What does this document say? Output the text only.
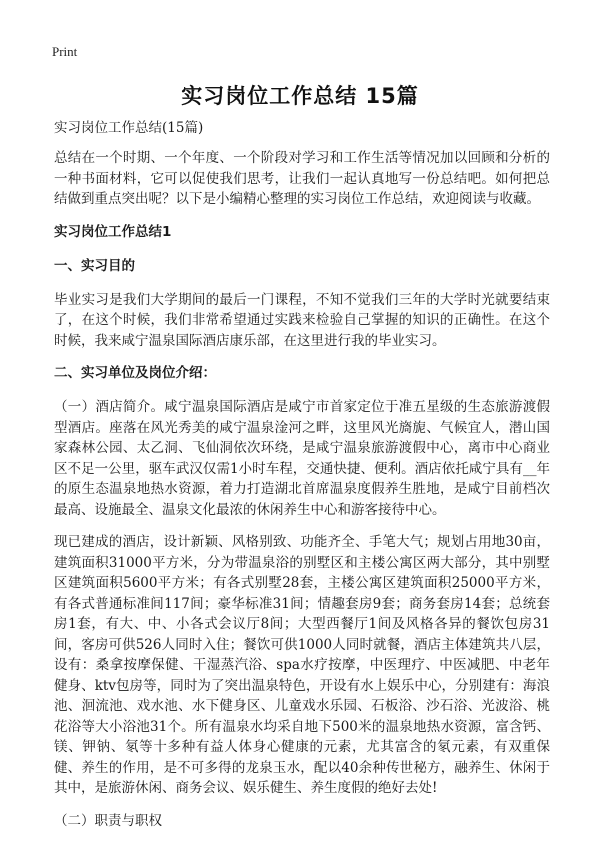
Print
实习岗位工作总结 15篇
实习岗位工作总结(15篇)

总结在一个时期、一个年度、一个阶段对学习和工作生活等情况加以回顾和分析的一种书面材料，它可以促使我们思考，让我们一起认真地写一份总结吧。如何把总结做到重点突出呢？以下是小编精心整理的实习岗位工作总结，欢迎阅读与收藏。

实习岗位工作总结1
一、实习目的

毕业实习是我们大学期间的最后一门课程，不知不觉我们三年的大学时光就要结束了，在这个时候，我们非常希望通过实践来检验自己掌握的知识的正确性。在这个时候，我来咸宁温泉国际酒店康乐部，在这里进行我的毕业实习。

二、实习单位及岗位介绍：

（一）酒店简介。咸宁温泉国际酒店是咸宁市首家定位于准五星级的生态旅游渡假型酒店。座落在风光秀美的咸宁温泉淦河之畔，这里风光旖旎、气候宜人，潜山国家森林公园、太乙洞、飞仙洞依次环绕，是咸宁温泉旅游渡假中心，离市中心商业区不足一公里，驱车武汉仅需1小时车程，交通快捷、便利。酒店依托咸宁具有__年的原生态温泉地热水资源，着力打造湖北首席温泉度假养生胜地，是咸宁目前档次最高、设施最全、温泉文化最浓的休闲养生中心和游客接待中心。

现已建成的酒店，设计新颖、风格别致、功能齐全、手笔大气；规划占用地30亩，建筑面积31000平方米，分为带温泉浴的别墅区和主楼公寓区两大部分，其中别墅区建筑面积5600平方米；有各式别墅28套，主楼公寓区建筑面积25000平方米，有各式普通标准间117间；豪华标准31间；情趣套房9套；商务套房14套；总统套房1套，有大、中、小各式会议厅8间；大型西餐厅1间及风格各异的餐饮包房31间，客房可供526人同时入住；餐饮可供1000人同时就餐，酒店主体建筑共八层，设有：桑拿按摩保健、干湿蒸汽浴、spa水疗按摩，中医理疗、中医减肥、中老年健身、ktv包房等，同时为了突出温泉特色，开设有水上娱乐中心，分别建有：海浪池、洄流池、戏水池、水下健身区、儿童戏水乐园、石板浴、沙石浴、光波浴、桃花浴等大小浴池31个。所有温泉水均采自地下500米的温泉地热水资源，富含钙、镁、钾钠、氡等十多种有益人体身心健康的元素，尤其富含的氡元素，有双重保健、养生的作用，是不可多得的龙泉玉水，配以40余种传世秘方，融养生、休闲于其中，是旅游休闲、商务会议、娱乐健生、养生度假的绝好去处!

（二）职责与职权
